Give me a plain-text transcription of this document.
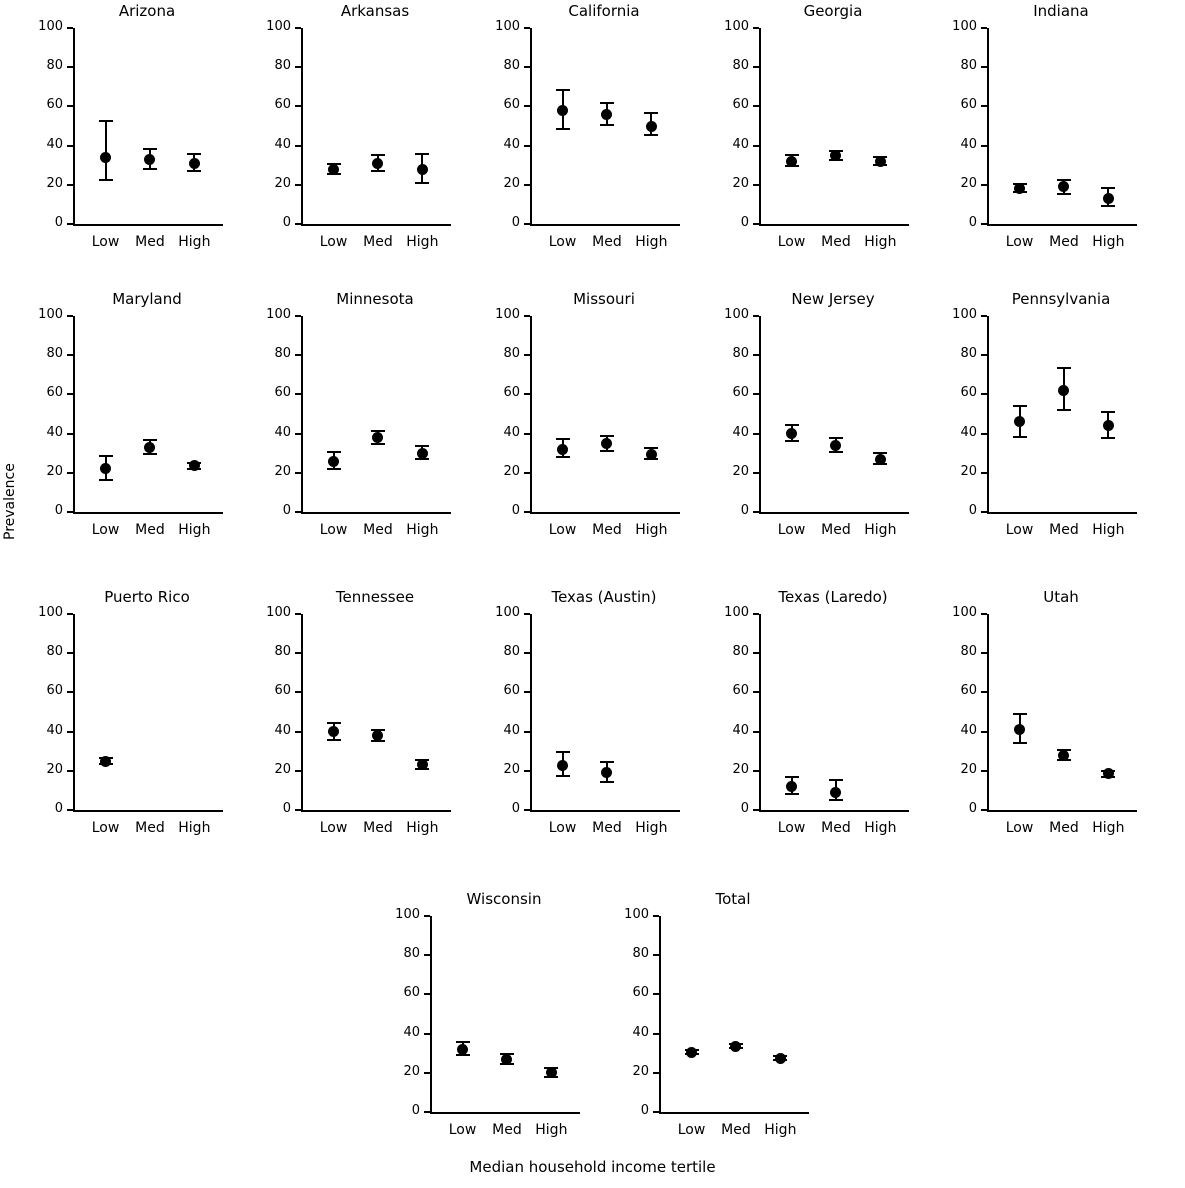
Prevalence
Median household income tertile
Arizona
0
20
40
60
80
100
Low	Med High
Arkansas
0
20
40
60
80
100
Low	Med High
California
0
20
40
60
80
100
Low	Med High
Georgia
0
20
40
60
80
100
Low	Med High
Indiana
0
20
40
60
80
100
Low	Med High
Maryland
0
20
40
60
80
100
Low	Med High
Minnesota
0
20
40
60
80
100
Low	Med High
Missouri
0
20
40
60
80
100
Low	Med High
New Jersey
0
20
40
60
80
100
Low	Med High
Pennsylvania
0
20
40
60
80
100
Low	Med High
Puerto Rico
0
20
40
60
80
100
Low	Med High
Tennessee
0
20
40
60
80
100
Low	Med High
Texas (Austin)
0
20
40
60
80
100
Low	Med High
Texas (Laredo)
0
20
40
60
80
100
Low	Med High
Utah
0
20
40
60
80
100
Low	Med High
Wisconsin
0
20
40
60
80
100
Low	Med High
Total
0
20
40
60
80
100
Low	Med High
